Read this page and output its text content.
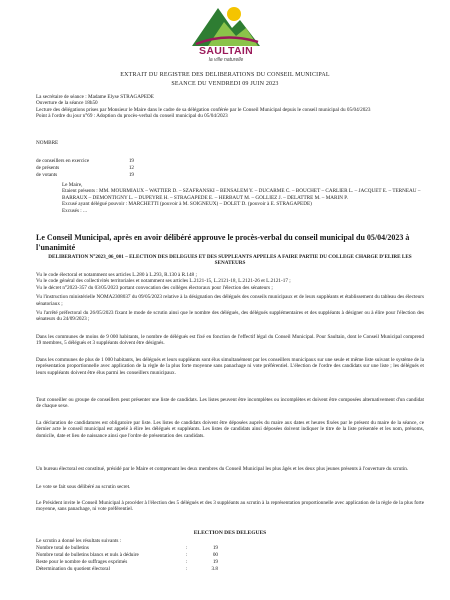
SAULTAIN
la ville naturelle
EXTRAIT DU REGISTRE DES DELIBERATIONS DU CONSEIL MUNICIPAL
SEANCE DU VENDREDI 09 JUIN 2023

La secrétaire de séance : Madame Elyse STRAGAPEDE

Ouverture de la séance 18h50

Lecture des délégations prises par Monsieur le Maire dans le cadre de sa délégation conférée par le Conseil Municipal depuis le conseil municipal du 05/04/2023

Point à l'ordre du jour n°69 : Adoption du procès-verbal du conseil municipal du 05/04/2023

NOMBRE
de conseillers en exercice	19
de présents	12
de votants	19

Le Maire,

Etaient présents : MM. MOURMIAUX – WATTIER D. – SZAFRANSKI – BENSALEM Y. – DUCARME C. – BOUCHET – CARLIER L. – JACQUET E. – TERNEAU – BARRAUX – DEMONTIGNY L. – DUPEYRE H. – STRAGAPEDE E. – HERBAUT M. – GOLLIEZ J. – DELATTRE M. – MARIN P.

Excusé ayant délégué pouvoir : MARCHETTI (pouvoir à M. SOIGNEUX) – DOLET D. (pouvoir à E. STRAGAPEDE)

Excusés : ...

Le Conseil Municipal, après en avoir délibéré approuve le procès-verbal du conseil municipal du 05/04/2023 à l'unanimité
DELIBERATION N°2023_06_001 – ELECTION DES DELEGUES ET DES SUPPLEANTS APPELES A FAIRE PARTIE DU COLLEGE CHARGE D'ELIRE LES SENATEURS

Vu le code électoral et notamment ses articles L.280 à L.293, R.130 à R.148 ;

Vu le code général des collectivités territoriales et notamment ses articles L.2121-15, L.2121-18, L.2121-26 et L.2121-17 ;

Vu le décret n°2023-357 du 03/05/2023 portant convocation des collèges électoraux pour l'élection des sénateurs ;

Vu l'instruction ministérielle NOMA2308037 du 09/05/2023 relative à la désignation des délégués des conseils municipaux et de leurs suppléants et établissement du tableau des électeurs sénatoriaux ;

Vu l'arrêté préfectoral du 26/05/2023 fixant le mode de scrutin ainsi que le nombre des délégués, des délégués supplémentaires et des suppléants à désigner ou à élire pour l'élection des sénateurs du 24/09/2023 ;

Dans les communes de moins de 9 000 habitants, le nombre de délégués est fixé en fonction de l'effectif légal du Conseil Municipal. Pour Saultain, dont le Conseil Municipal comprend 19 membres, 5 délégués et 3 suppléants doivent être désignés.
Dans les communes de plus de 1 000 habitants, les délégués et leurs suppléants sont élus simultanément par les conseillers municipaux sur une seule et même liste suivant le système de la représentation proportionnelle avec application de la règle de la plus forte moyenne sans panachage ni vote préférentiel. L'élection de l'ordre des candidats sur une liste ; les délégués et leurs suppléants doivent être élus parmi les conseillers municipaux.
Tout conseiller ou groupe de conseillers peut présenter une liste de candidats. Les listes peuvent être incomplètes ou incomplètes et doivent être composées alternativement d'un candidat de chaque sexe.
La déclaration de candidatures est obligatoire par liste. Les listes de candidats doivent être déposées auprès du maire aux dates et heures fixées par le présent du maire de la séance, ce dernier acte le conseil municipal est appelé à élire les délégués et suppléants. Les listes de candidats ainsi déposées doivent indiquer le titre de la liste présentée et les nom, prénoms, domicile, date et lieu de naissance ainsi que l'ordre de présentation des candidats.
Un bureau électoral est constitué, présidé par le Maire et comprenant les deux membres du Conseil Municipal les plus âgés et les deux plus jeunes présents à l'ouverture du scrutin.
Le vote se fait sous délibéré au scrutin secret.
Le Président invite le Conseil Municipal à procéder à l'élection des 5 délégués et des 3 suppléants au scrutin à la représentation proportionnelle avec application de la règle de la plus forte moyenne, sans panachage, ni vote préférentiel.
ELECTION DES DELEGUES
Le scrutin a donné les résultats suivants :
Nombre total de bulletins	:	19
Nombre total de bulletins blancs et nuls à déduire	:	00
Reste pour le nombre de suffrages exprimés	:	19
Détermination du quotient électoral	:	3.8
